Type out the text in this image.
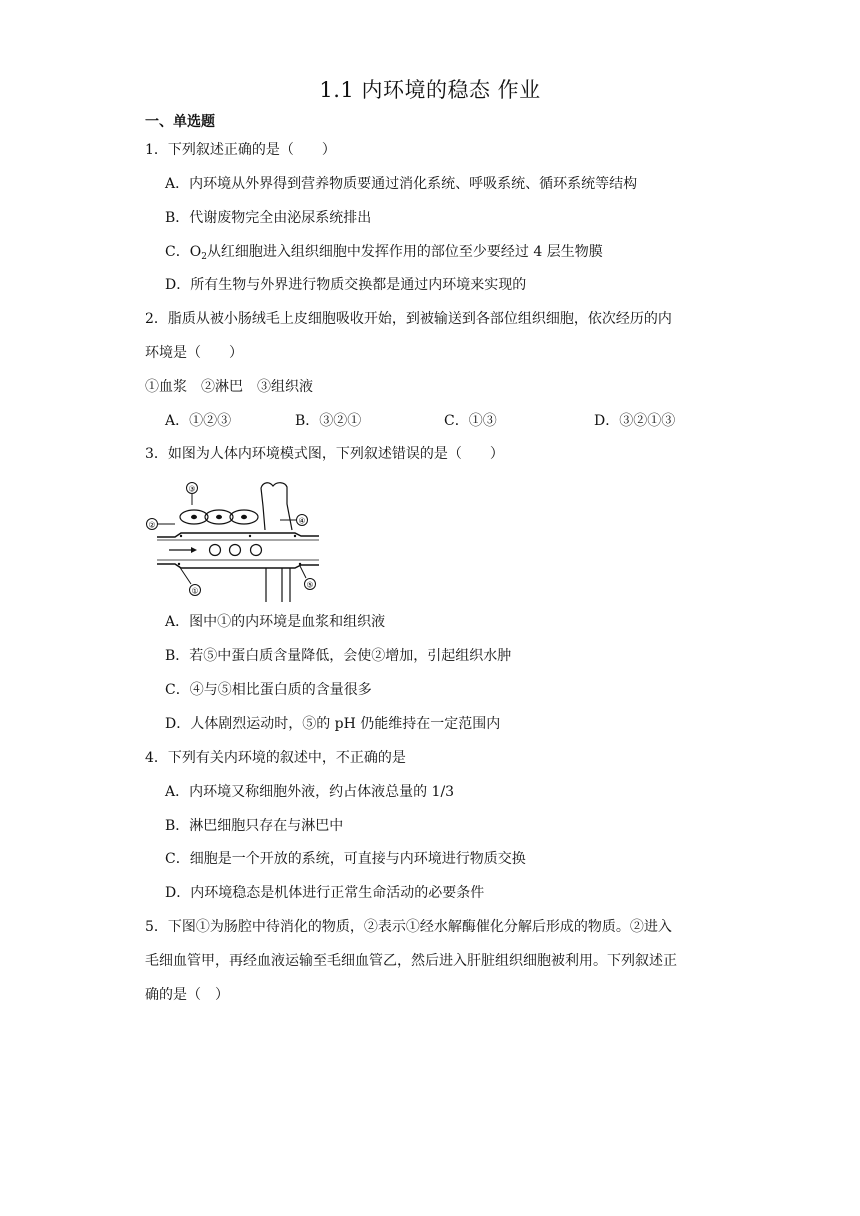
1.1 内环境的稳态 作业
一、单选题
1．下列叙述正确的是（　　）
A．内环境从外界得到营养物质要通过消化系统、呼吸系统、循环系统等结构
B．代谢废物完全由泌尿系统排出
C．$O_2$从红细胞进入组织细胞中发挥作用的部位至少要经过 4 层生物膜
D．所有生物与外界进行物质交换都是通过内环境来实现的
2．脂质从被小肠绒毛上皮细胞吸收开始，到被输送到各部位组织细胞，依次经历的内
环境是（　　）
①血浆　②淋巴　③组织液
A．①②③	B．③②①	C．①③	D．③②①③
3．如图为人体内环境模式图，下列叙述错误的是（　　）
③
②	④
①
⑤
A．图中①的内环境是血浆和组织液
B．若⑤中蛋白质含量降低，会使②增加，引起组织水肿
C．④与⑤相比蛋白质的含量很多
D．人体剧烈运动时，⑤的 pH 仍能维持在一定范围内
4．下列有关内环境的叙述中，不正确的是
A．内环境又称细胞外液，约占体液总量的 1/3
B．淋巴细胞只存在与淋巴中
C．细胞是一个开放的系统，可直接与内环境进行物质交换
D．内环境稳态是机体进行正常生命活动的必要条件
5．下图①为肠腔中待消化的物质，②表示①经水解酶催化分解后形成的物质。②进入
毛细血管甲，再经血液运输至毛细血管乙，然后进入肝脏组织细胞被利用。下列叙述正
确的是（　）
